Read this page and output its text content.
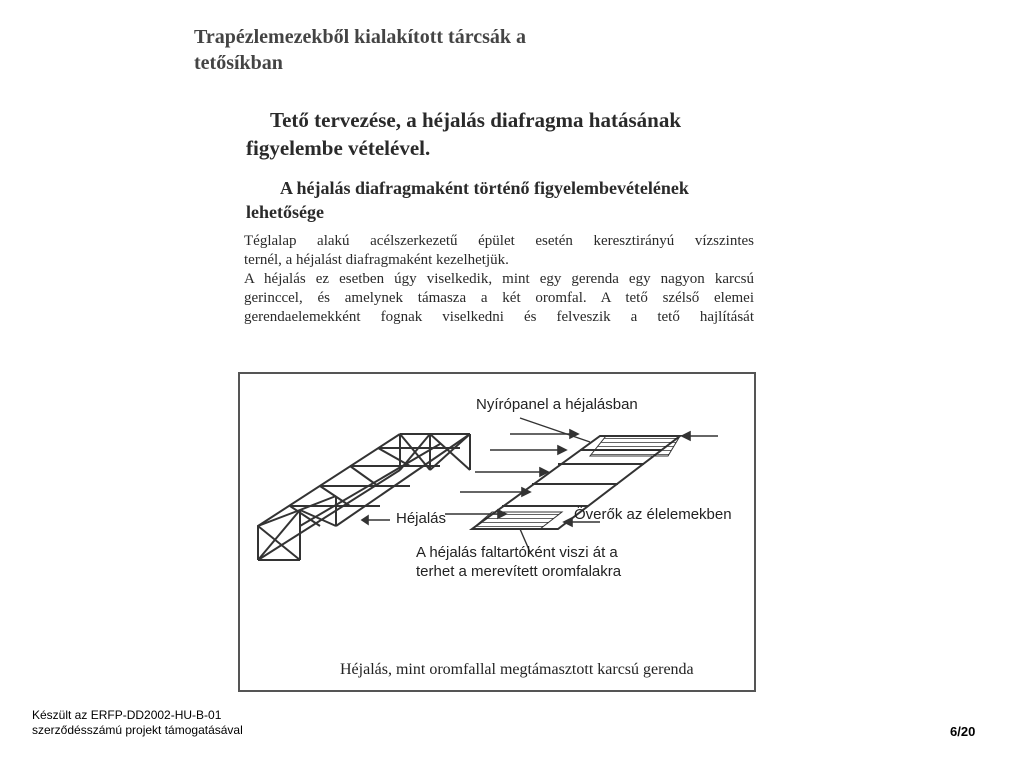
Trapézlemezekből kialakított tárcsák a tetősíkban
Tető tervezése, a héjalás diafragma hatásának figyelembe vételével.
A héjalás diafragmaként történő figyelembevételének lehetősége

Téglalap alakú acélszerkezetű épület esetén keresztirányú vízszintes

ternél, a héjalást diafragmaként kezelhetjük.

A héjalás ez esetben úgy viselkedik, mint egy gerenda egy nagyon karcsú

gerinccel, és amelynek támasza a két oromfal. A tető szélső elemei

gerendaelemekként fognak viselkedni és felveszik a tető hajlítását

Nyírópanel a héjalásban
Héjalás	Överők az élelemekben
A héjalás faltartóként viszi át a
terhet a merevített oromfalakra
Héjalás, mint oromfallal megtámasztott karcsú gerenda
Készült az ERFP-DD2002-HU-B-01
szerződésszámú projekt támogatásával	6/20
